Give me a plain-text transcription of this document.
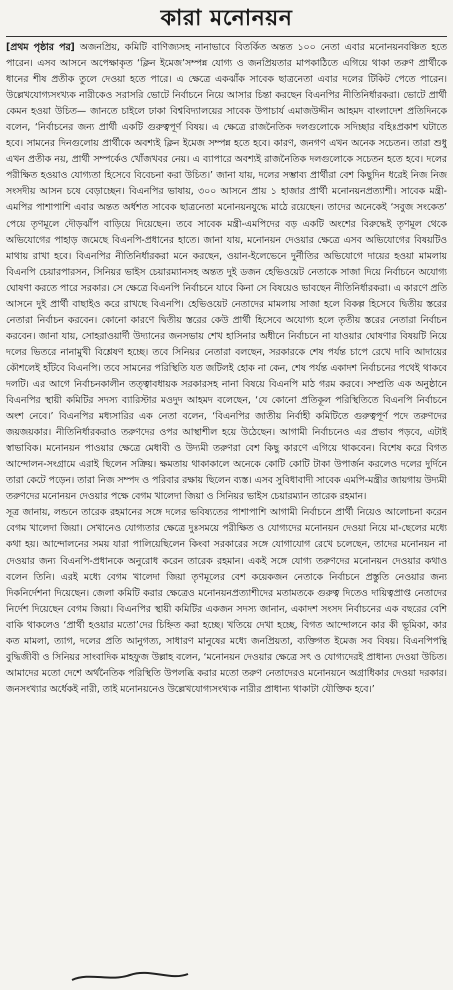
কারা মনোনয়ন

[প্রথম পৃষ্ঠার পর] অজনপ্রিয়, কমিটি বাণিজ্যসহ নানাভাবে বিতর্কিত অন্তত ১০০ নেতা এবার মনোনয়নবঞ্চিত হতে পারেন। এসব আসনে অপেক্ষাকৃত ‘ক্লিন ইমেজ’সম্পন্ন যোগ্য ও জনপ্রিয়তার মাপকাঠিতে এগিয়ে থাকা তরুণ প্রার্থীকে ধানের শীষ প্রতীক তুলে দেওয়া হতে পারে। এ ক্ষেত্রে একঝাঁক সাবেক ছাত্রনেতা এবার দলের টিকিট পেতে পারেন। উল্লেখযোগ্যসংখ্যক নারীকেও সরাসরি ভোটে নির্বাচনে নিয়ে আসার চিন্তা করছেন বিএনপির নীতিনির্ধারকরা। ভোটে প্রার্থী কেমন হওয়া উচিত— জানতে চাইলে ঢাকা বিশ্ববিদ্যালয়ের সাবেক উপাচার্য এমাজউদ্দীন আহমদ বাংলাদেশ প্রতিদিনকে বলেন, ‘নির্বাচনের জন্য প্রার্থী একটি গুরুত্বপূর্ণ বিষয়। এ ক্ষেত্রে রাজনৈতিক দলগুলোকে সদিচ্ছার বহিঃপ্রকাশ ঘটাতে হবে। সামনের দিনগুলোয় প্রার্থীকে অবশ্যই ক্লিন ইমেজ সম্পন্ন হতে হবে। কারণ, জনগণ এখন অনেক সচেতন। তারা শুধু এখন প্রতীক নয়, প্রার্থী সম্পর্কেও খোঁজখবর নেয়। এ ব্যাপারে অবশ্যই রাজনৈতিক দলগুলোকে সচেতন হতে হবে। দলের পরীক্ষিত হওয়াও যোগ্যতা হিসেবে বিবেচনা করা উচিত।’ জানা যায়, দলের সম্ভাব্য প্রার্থীরা বেশ কিছুদিন ধরেই নিজ নিজ সংসদীয় আসন চষে বেড়াচ্ছেন। বিএনপির ভাষায়, ৩০০ আসনে প্রায় ১ হাজার প্রার্থী মনোনয়নপ্রত্যাশী। সাবেক মন্ত্রী-এমপির পাশাপাশি এবার অন্তত অর্ধশত সাবেক ছাত্রনেতা মনোনয়নযুদ্ধে মাঠে রয়েছেন। তাদের অনেকেই ‘সবুজ সংকেত’ পেয়ে তৃণমূলে দৌড়ঝাঁপ বাড়িয়ে দিয়েছেন। তবে সাবেক মন্ত্রী-এমপিদের বড় একটি অংশের বিরুদ্ধেই তৃণমূল থেকে অভিযোগের পাহাড় জমেছে বিএনপি-প্রধানের হাতে। জানা যায়, মনোনয়ন দেওয়ার ক্ষেত্রে এসব অভিযোগের বিষয়টিও মাথায় রাখা হবে। বিএনপির নীতিনির্ধারকরা মনে করছেন, ওয়ান-ইলেভেনে দুর্নীতির অভিযোগে দায়ের হওয়া মামলায় বিএনপি চেয়ারপারসন, সিনিয়র ভাইস চেয়ারম্যানসহ অন্তত দুই ডজন হেভিওয়েট নেতাকে সাজা দিয়ে নির্বাচনে অযোগ্য ঘোষণা করতে পারে সরকার। সে ক্ষেত্রে বিএনপি নির্বাচনে যাবে কিনা সে বিষয়েও ভাবছেন নীতিনির্ধারকরা। এ কারণে প্রতি আসনে দুই প্রার্থী বাছাইও করে রাখছে বিএনপি। হেভিওয়েট নেতাদের মামলায় সাজা হলে বিকল্প হিসেবে দ্বিতীয় স্তরের নেতারা নির্বাচন করবেন। কোনো কারণে দ্বিতীয় স্তরের কেউ প্রার্থী হিসেবে অযোগ্য হলে তৃতীয় স্তরের নেতারা নির্বাচন করবেন। জানা যায়, সোহরাওয়ার্দী উদ্যানের জনসভায় শেখ হাসিনার অধীনে নির্বাচনে না যাওয়ার ঘোষণার বিষয়টি নিয়ে দলের ভিতরে নানামুখী বিশ্লেষণ হচ্ছে। তবে সিনিয়র নেতারা বলছেন, সরকারকে শেষ পর্যন্ত চাপে রেখে দাবি আদায়ের কৌশলেই হাঁটবে বিএনপি। তবে সামনের পরিস্থিতি যত জটিলই হোক না কেন, শেষ পর্যন্ত একাদশ নির্বাচনের পথেই থাকবে দলটি। এর আগে নির্বাচনকালীন তত্ত্বাবধায়ক সরকারসহ নানা বিষয়ে বিএনপি মাঠ গরম করবে। সম্প্রতি এক অনুষ্ঠানে বিএনপির স্থায়ী কমিটির সদস্য ব্যারিস্টার মওদুদ আহমদ বলেছেন, ‘যে কোনো প্রতিকূল পরিস্থিতিতে বিএনপি নির্বাচনে অংশ নেবে।’ বিএনপির মধ্যসারির এক নেতা বলেন, ‘বিএনপির জাতীয় নির্বাহী কমিটিতে গুরুত্বপূর্ণ পদে তরুণদের জয়জয়কার। নীতিনির্ধারকরাও তরুণদের ওপর আস্থাশীল হয়ে উঠেছেন। আগামী নির্বাচনেও এর প্রভাব পড়বে, এটাই স্বাভাবিক। মনোনয়ন পাওয়ার ক্ষেত্রে মেধাবী ও উদ্যমী তরুণরা বেশ কিছু কারণে এগিয়ে থাকবেন। বিশেষ করে বিগত আন্দোলন-সংগ্রামে এরাই ছিলেন সক্রিয়। ক্ষমতায় থাকাকালে অনেকে কোটি কোটি টাকা উপার্জন করলেও দলের দুর্দিনে তারা কেটে পড়েন। তারা নিজ সম্পদ ও পরিবার রক্ষায় ছিলেন ব্যস্ত। এসব সুবিধাবাদী সাবেক এমপি-মন্ত্রীর জায়গায় উদ্যমী তরুণদের মনোনয়ন দেওয়ার পক্ষে বেগম খালেদা জিয়া ও সিনিয়র ভাইস চেয়ারম্যান তারেক রহমান।
সূত্র জানায়, লন্ডনে তারেক রহমানের সঙ্গে দলের ভবিষ্যতের পাশাপাশি আগামী নির্বাচনে প্রার্থী নিয়েও আলোচনা করেন বেগম খালেদা জিয়া। সেখানেও যোগ্যতার ক্ষেত্রে দুঃসময়ে পরীক্ষিত ও যোগ্যদের মনোনয়ন দেওয়া নিয়ে মা-ছেলের মধ্যে কথা হয়। আন্দোলনের সময় যারা পালিয়েছিলেন কিংবা সরকারের সঙ্গে যোগাযোগ রেখে চলেছেন, তাদের মনোনয়ন না দেওয়ার জন্য বিএনপি-প্রধানকে অনুরোধ করেন তারেক রহমান। একই সঙ্গে যোগ্য তরুণদের মনোনয়ন দেওয়ার কথাও বলেন তিনি। এরই মধ্যে বেগম খালেদা জিয়া তৃণমূলের বেশ কয়েকজন নেতাকে নির্বাচনে প্রস্তুতি নেওয়ার জন্য দিকনির্দেশনা দিয়েছেন। জেলা কমিটি করার ক্ষেত্রেও মনোনয়নপ্রত্যাশীদের মতামতকে গুরুত্ব দিতেও দায়িত্বপ্রাপ্ত নেতাদের নির্দেশ দিয়েছেন বেগম জিয়া। বিএনপির স্থায়ী কমিটির একজন সদস্য জানান, একাদশ সংসদ নির্বাচনের এক বছরের বেশি বাকি থাকলেও ‘প্রার্থী হওয়ার মতো’দের চিহ্নিত করা হচ্ছে। খতিয়ে দেখা হচ্ছে, বিগত আন্দোলনে কার কী ভূমিকা, কার কত মামলা, ত্যাগ, দলের প্রতি আনুগত্য, সাধারণ মানুষের মধ্যে জনপ্রিয়তা, ব্যক্তিগত ইমেজ সব বিষয়। বিএনপিপন্থি বুদ্ধিজীবী ও সিনিয়র সাংবাদিক মাহফুজ উল্লাহ বলেন, ‘মনোনয়ন দেওয়ার ক্ষেত্রে সৎ ও যোগ্যদেরই প্রাধান্য দেওয়া উচিত। আমাদের মতো দেশে অর্থনৈতিক পরিস্থিতি উপলব্ধি করার মতো তরুণ নেতাদেরও মনোনয়নে অগ্রাধিকার দেওয়া দরকার। জনসংখ্যার অর্ধেকই নারী, তাই মনোনয়নেও উল্লেখযোগ্যসংখ্যক নারীর প্রাধান্য থাকাটা যৌক্তিক হবে।’
